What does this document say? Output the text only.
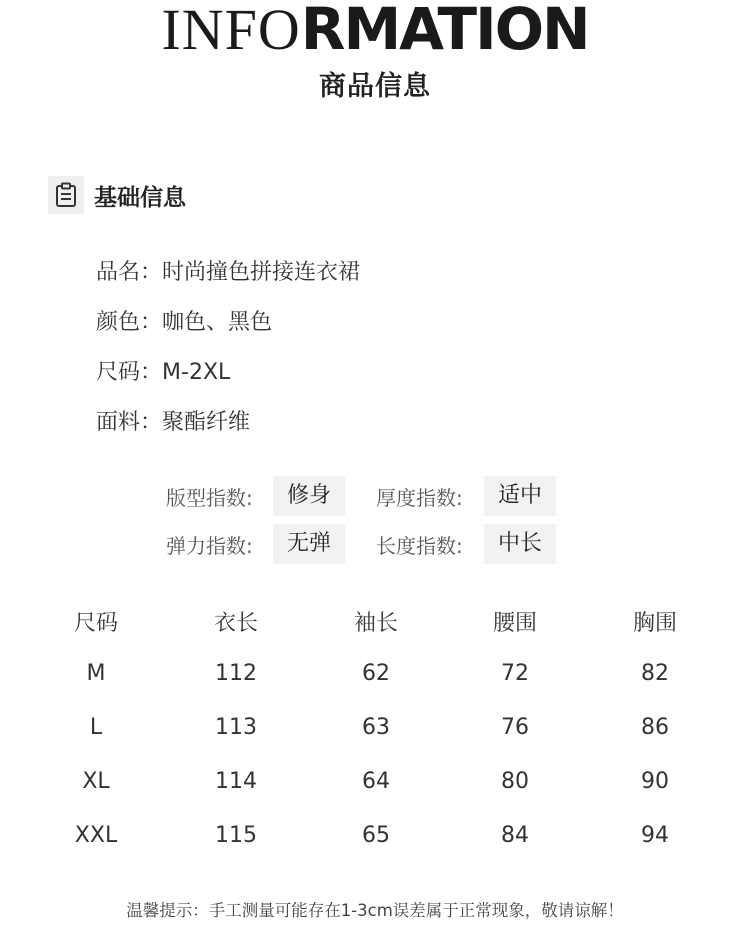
INFORMATION
商品信息
基础信息
品名：时尚撞色拼接连衣裙
颜色：咖色、黑色
尺码：M-2XL
面料：聚酯纤维
版型指数:	修身	厚度指数:	适中
弹力指数:	无弹	长度指数:	中长
尺码	衣长	袖长	腰围	胸围
M	112	62	72	82
L	113	63	76	86
XL	114	64	80	90
XXL	115	65	84	94
温馨提示：手工测量可能存在1-3cm误差属于正常现象，敬请谅解！
